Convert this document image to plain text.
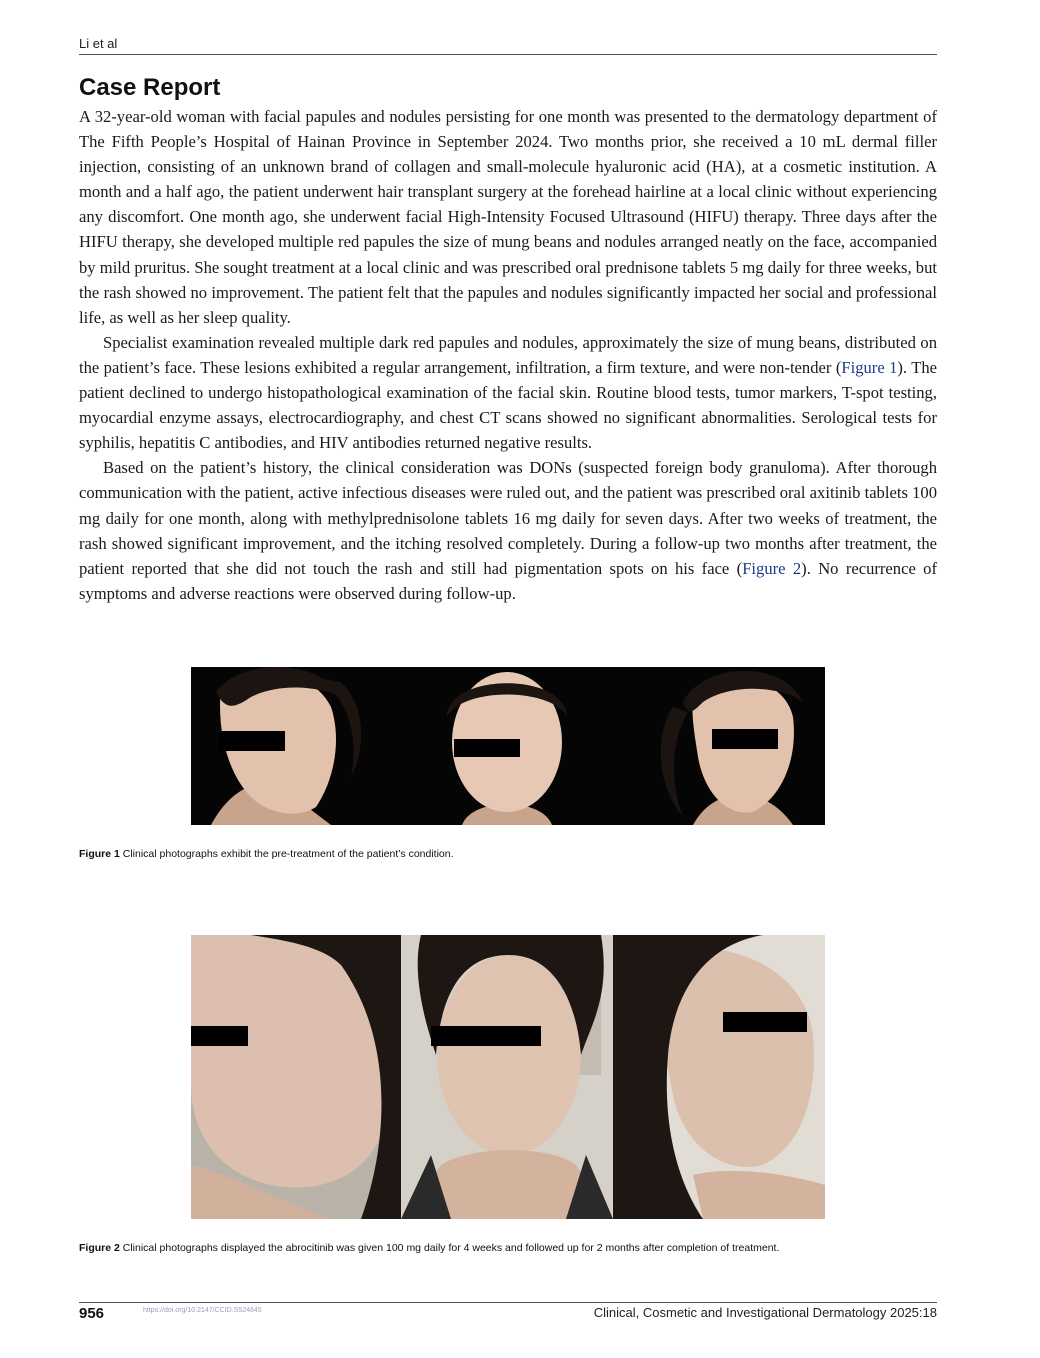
Li et al
Case Report

A 32-year-old woman with facial papules and nodules persisting for one month was presented to the dermatology department of The Fifth People’s Hospital of Hainan Province in September 2024. Two months prior, she received a 10 mL dermal filler injection, consisting of an unknown brand of collagen and small-molecule hyaluronic acid (HA), at a cosmetic institution. A month and a half ago, the patient underwent hair transplant surgery at the forehead hairline at a local clinic without experiencing any discomfort. One month ago, she underwent facial High-Intensity Focused Ultrasound (HIFU) therapy. Three days after the HIFU therapy, she developed multiple red papules the size of mung beans and nodules arranged neatly on the face, accompanied by mild pruritus. She sought treatment at a local clinic and was prescribed oral prednisone tablets 5 mg daily for three weeks, but the rash showed no improvement. The patient felt that the papules and nodules significantly impacted her social and professional life, as well as her sleep quality.

Specialist examination revealed multiple dark red papules and nodules, approximately the size of mung beans, distributed on the patient’s face. These lesions exhibited a regular arrangement, infiltration, a firm texture, and were non-tender (Figure 1). The patient declined to undergo histopathological examination of the facial skin. Routine blood tests, tumor markers, T-spot testing, myocardial enzyme assays, electrocardiography, and chest CT scans showed no significant abnormalities. Serological tests for syphilis, hepatitis C antibodies, and HIV antibodies returned negative results.

Based on the patient’s history, the clinical consideration was DONs (suspected foreign body granuloma). After thorough communication with the patient, active infectious diseases were ruled out, and the patient was prescribed oral axitinib tablets 100 mg daily for one month, along with methylprednisolone tablets 16 mg daily for seven days. After two weeks of treatment, the rash showed significant improvement, and the itching resolved completely. During a follow-up two months after treatment, the patient reported that she did not touch the rash and still had pigmentation spots on his face (Figure 2). No recurrence of symptoms and adverse reactions were observed during follow-up.

Figure 1 Clinical photographs exhibit the pre-treatment of the patient’s condition.
Figure 2 Clinical photographs displayed the abrocitinib was given 100 mg daily for 4 weeks and followed up for 2 months after completion of treatment.
956	https://doi.org/10.2147/CCID.S524845	Clinical, Cosmetic and Investigational Dermatology 2025:18
